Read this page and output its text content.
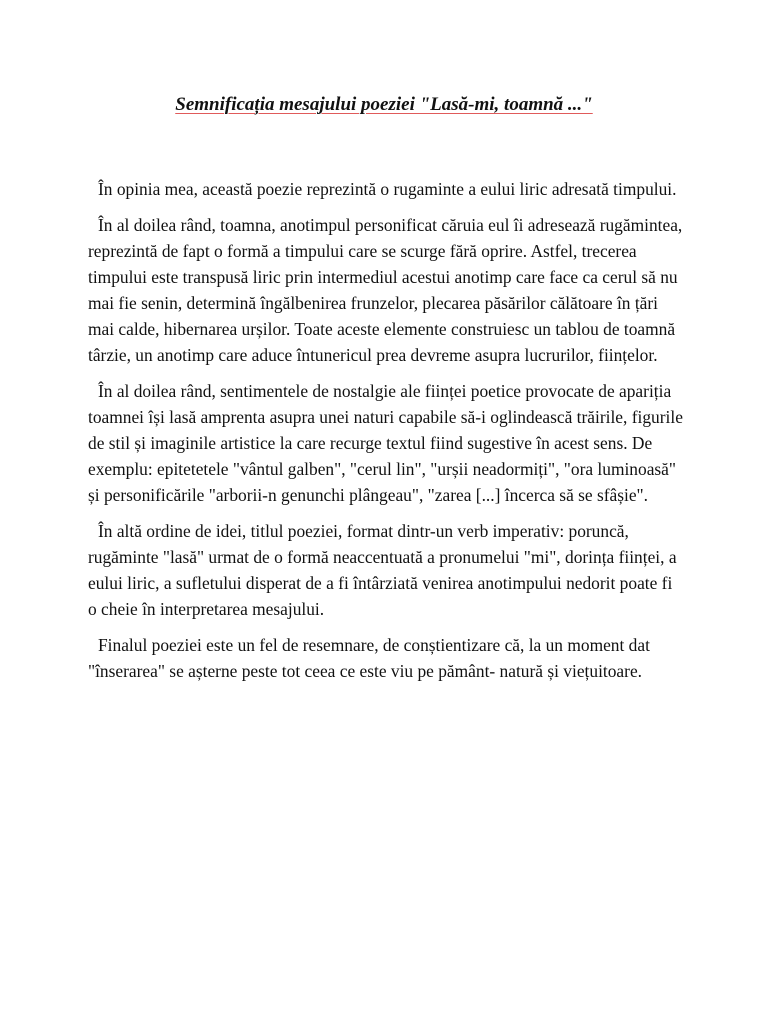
Semnificația mesajului poeziei "Lasă-mi, toamnă ..."

În opinia mea, această poezie reprezintă o rugaminte a eului liric adresată timpului.

În al doilea rând, toamna, anotimpul personificat căruia eul îi adresează rugămintea, reprezintă de fapt o formă a timpului care se scurge fără oprire. Astfel, trecerea timpului este transpusă liric prin intermediul acestui anotimp care face ca cerul să nu mai fie senin, determină îngălbenirea frunzelor, plecarea păsărilor călătoare în țări mai calde, hibernarea urșilor. Toate aceste elemente construiesc un tablou de toamnă târzie, un anotimp care aduce întunericul prea devreme asupra lucrurilor, ființelor.

În al doilea rând, sentimentele de nostalgie ale ființei poetice provocate de apariția toamnei își lasă amprenta asupra unei naturi capabile să-i oglindească trăirile, figurile de stil și imaginile artistice la care recurge textul fiind sugestive în acest sens. De exemplu: epitetetele "vântul galben", "cerul lin", "urșii neadormiți", "ora luminoasă" și personificările "arborii-n genunchi plângeau", "zarea [...] încerca să se sfâșie".

În altă ordine de idei, titlul poeziei, format dintr-un verb imperativ: poruncă, rugăminte "lasă" urmat de o formă neaccentuată a pronumelui "mi", dorința ființei, a eului liric, a sufletului disperat de a fi întârziată venirea anotimpului nedorit poate fi o cheie în interpretarea mesajului.

Finalul poeziei este un fel de resemnare, de conștientizare că, la un moment dat "înserarea" se așterne peste tot ceea ce este viu pe pământ- natură și viețuitoare.
